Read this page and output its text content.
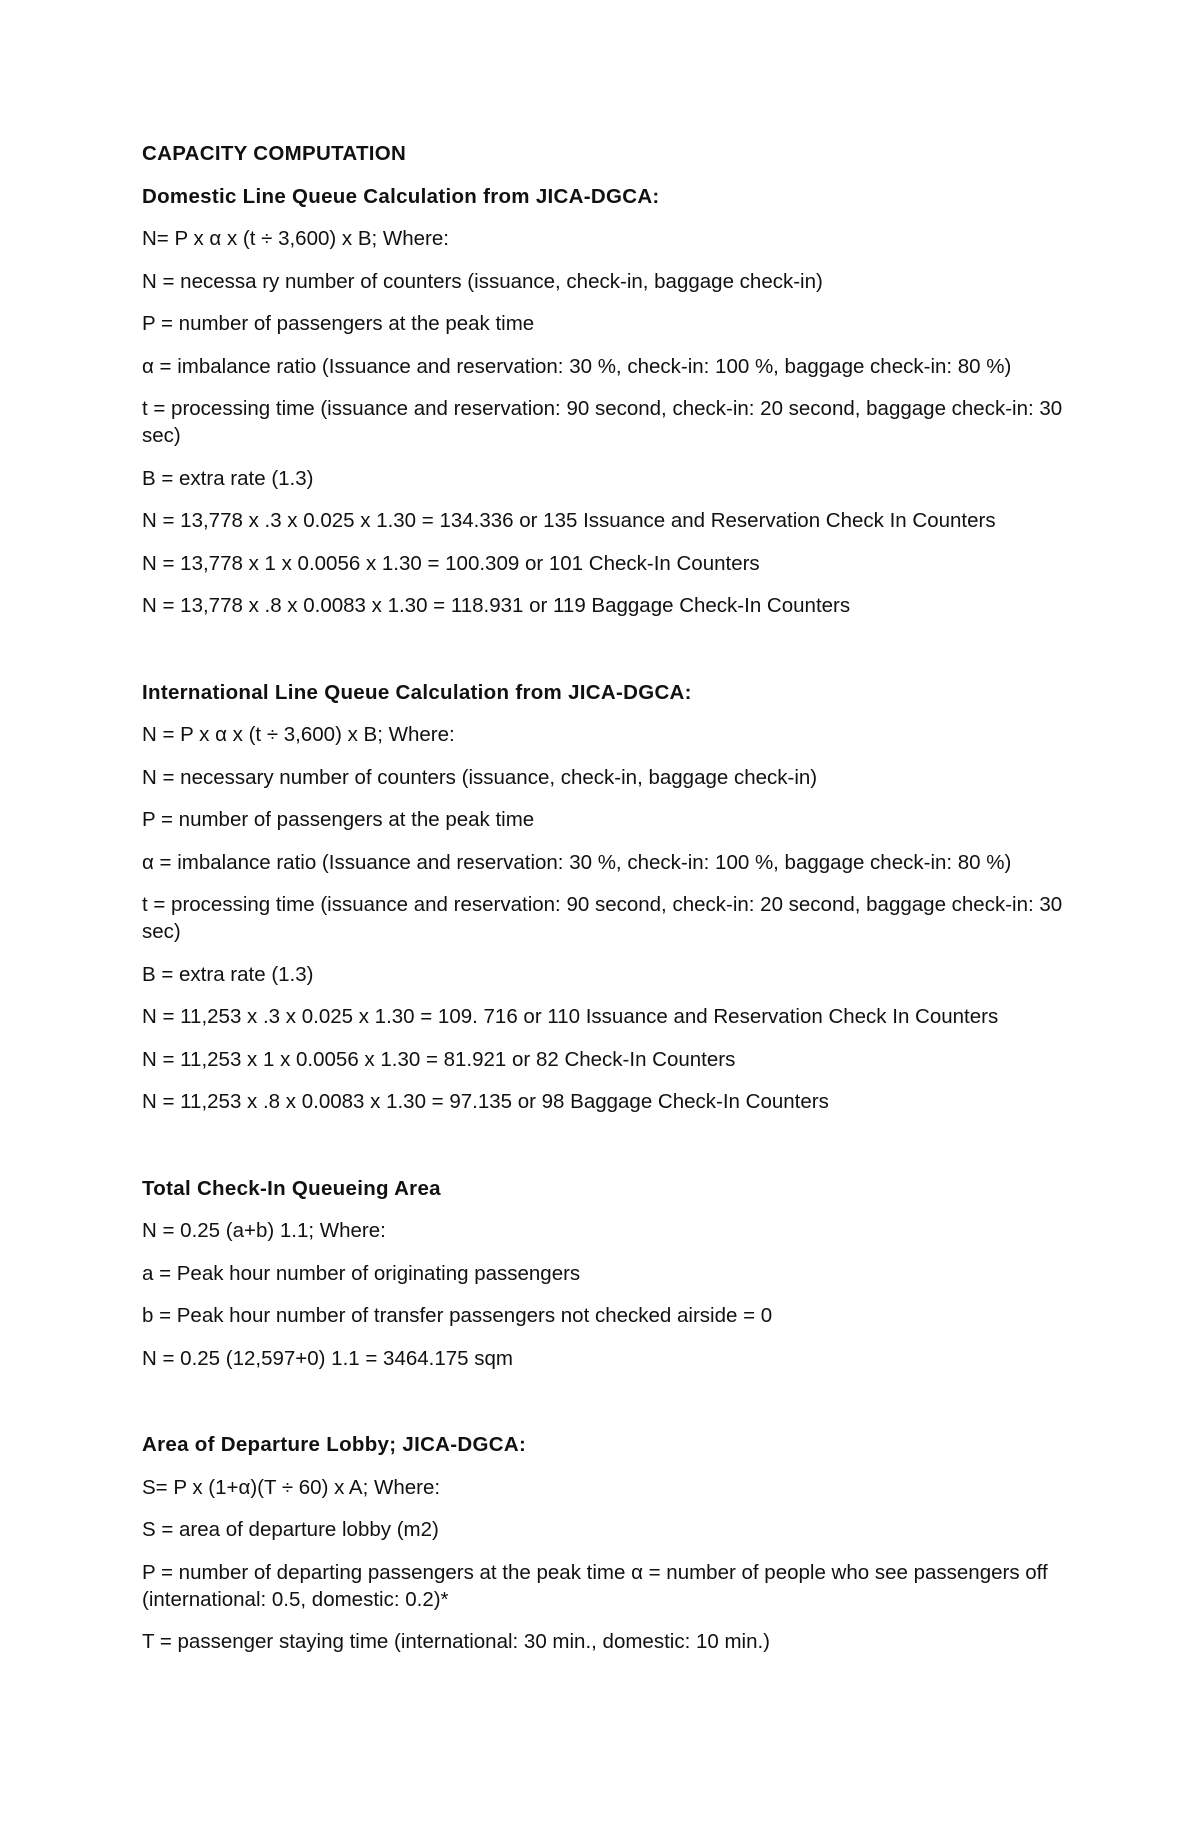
CAPACITY COMPUTATION
Domestic Line Queue Calculation from JICA-DGCA:
N= P x α x (t ÷ 3,600) x B; Where:
N = necessa ry number of counters (issuance, check-in, baggage check-in)
P = number of passengers at the peak time
α = imbalance ratio (Issuance and reservation: 30 %, check-in: 100 %, baggage check-in: 80 %)
t = processing time (issuance and reservation: 90 second, check-in: 20 second, baggage check-in: 30 sec)
B = extra rate (1.3)
N = 13,778 x .3 x 0.025 x 1.30 = 134.336 or 135 Issuance and Reservation Check In Counters
N = 13,778 x 1 x 0.0056 x 1.30 = 100.309 or 101 Check-In Counters
N = 13,778 x .8 x 0.0083 x 1.30 = 118.931 or 119 Baggage Check-In Counters
International Line Queue Calculation from JICA-DGCA:
N = P x α x (t ÷ 3,600) x B; Where:
N = necessary number of counters (issuance, check-in, baggage check-in)
P = number of passengers at the peak time
α = imbalance ratio (Issuance and reservation: 30 %, check-in: 100 %, baggage check-in: 80 %)
t = processing time (issuance and reservation: 90 second, check-in: 20 second, baggage check-in: 30 sec)
B = extra rate (1.3)
N = 11,253 x .3 x 0.025 x 1.30 = 109. 716 or 110 Issuance and Reservation Check In Counters
N = 11,253 x 1 x 0.0056 x 1.30 = 81.921 or 82 Check-In Counters
N = 11,253 x .8 x 0.0083 x 1.30 = 97.135 or 98 Baggage Check-In Counters
Total Check-In Queueing Area
N = 0.25 (a+b) 1.1; Where:
a = Peak hour number of originating passengers
b = Peak hour number of transfer passengers not checked airside = 0
N = 0.25 (12,597+0) 1.1 = 3464.175 sqm
Area of Departure Lobby; JICA-DGCA:
S= P x (1+α)(T ÷ 60) x A; Where:
S = area of departure lobby (m2)
P = number of departing passengers at the peak time α = number of people who see passengers off (international: 0.5, domestic: 0.2)*
T = passenger staying time (international: 30 min., domestic: 10 min.)
